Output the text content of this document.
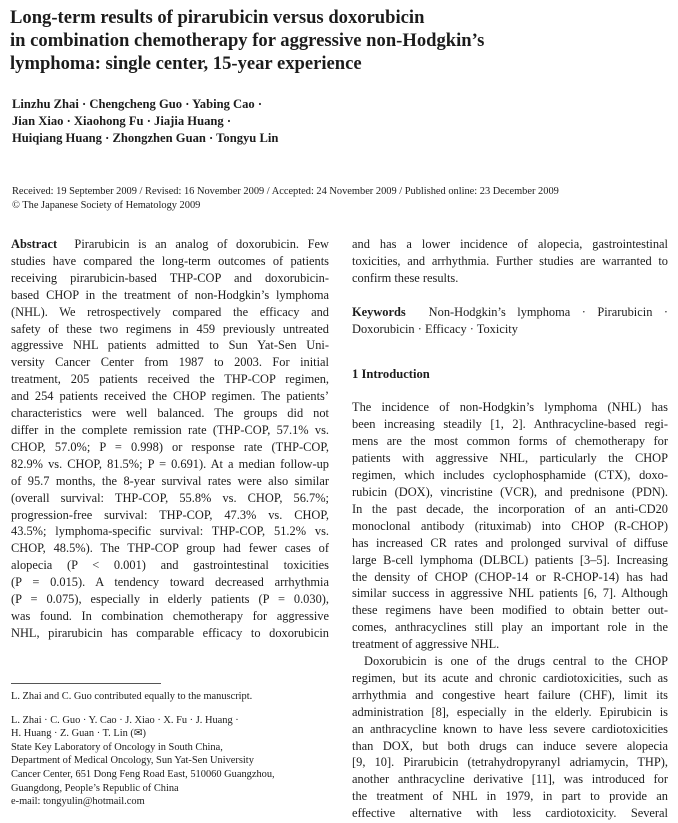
Long-term results of pirarubicin versus doxorubicin
in combination chemotherapy for aggressive non-Hodgkin’s
lymphoma: single center, 15-year experience
Linzhu Zhai · Chengcheng Guo · Yabing Cao ·
Jian Xiao · Xiaohong Fu · Jiajia Huang ·
Huiqiang Huang · Zhongzhen Guan · Tongyu Lin
Received: 19 September 2009 / Revised: 16 November 2009 / Accepted: 24 November 2009 / Published online: 23 December 2009
© The Japanese Society of Hematology 2009
Abstract Pirarubicin is an analog of doxorubicin. Few
studies have compared the long-term outcomes of patients
receiving pirarubicin-based THP-COP and doxorubicin-
based CHOP in the treatment of non-Hodgkin’s lymphoma
(NHL). We retrospectively compared the efficacy and
safety of these two regimens in 459 previously untreated
aggressive NHL patients admitted to Sun Yat-Sen Uni-
versity Cancer Center from 1987 to 2003. For initial
treatment, 205 patients received the THP-COP regimen,
and 254 patients received the CHOP regimen. The patients’
characteristics were well balanced. The groups did not
differ in the complete remission rate (THP-COP, 57.1% vs.
CHOP, 57.0%; P = 0.998) or response rate (THP-COP,
82.9% vs. CHOP, 81.5%; P = 0.691). At a median follow-up
of 95.7 months, the 8-year survival rates were also similar
(overall survival: THP-COP, 55.8% vs. CHOP, 56.7%;
progression-free survival: THP-COP, 47.3% vs. CHOP,
43.5%; lymphoma-specific survival: THP-COP, 51.2% vs.
CHOP, 48.5%). The THP-COP group had fewer cases of
alopecia (P < 0.001) and gastrointestinal toxicities
(P = 0.015). A tendency toward decreased arrhythmia
(P = 0.075), especially in elderly patients (P = 0.030),
was found. In combination chemotherapy for aggressive
NHL, pirarubicin has comparable efficacy to doxorubicin
and has a lower incidence of alopecia, gastrointestinal
toxicities, and arrhythmia. Further studies are warranted to
confirm these results.
Keywords Non-Hodgkin’s lymphoma · Pirarubicin ·
Doxorubicin · Efficacy · Toxicity
1 Introduction
The incidence of non-Hodgkin’s lymphoma (NHL) has
been increasing steadily [1, 2]. Anthracycline-based regi-
mens are the most common forms of chemotherapy for
patients with aggressive NHL, particularly the CHOP
regimen, which includes cyclophosphamide (CTX), doxo-
rubicin (DOX), vincristine (VCR), and prednisone (PDN).
In the past decade, the incorporation of an anti-CD20
monoclonal antibody (rituximab) into CHOP (R-CHOP)
has increased CR rates and prolonged survival of diffuse
large B-cell lymphoma (DLBCL) patients [3–5]. Increasing
the density of CHOP (CHOP-14 or R-CHOP-14) has had
similar success in aggressive NHL patients [6, 7]. Although
these regimens have been modified to obtain better out-
comes, anthracyclines still play an important role in the
treatment of aggressive NHL.
Doxorubicin is one of the drugs central to the CHOP
regimen, but its acute and chronic cardiotoxicities, such as
arrhythmia and congestive heart failure (CHF), limit its
administration [8], especially in the elderly. Epirubicin is
an anthracycline known to have less severe cardiotoxicities
than DOX, but both drugs can induce severe alopecia
[9, 10]. Pirarubicin (tetrahydropyranyl adriamycin, THP),
another anthracycline derivative [11], was introduced for
the treatment of NHL in 1979, in part to provide an
effective alternative with less cardiotoxicity. Several
L. Zhai and C. Guo contributed equally to the manuscript.
L. Zhai · C. Guo · Y. Cao · J. Xiao · X. Fu · J. Huang ·
H. Huang · Z. Guan · T. Lin (✉)
State Key Laboratory of Oncology in South China,
Department of Medical Oncology, Sun Yat-Sen University
Cancer Center, 651 Dong Feng Road East, 510060 Guangzhou,
Guangdong, People’s Republic of China
e-mail: tongyulin@hotmail.com
